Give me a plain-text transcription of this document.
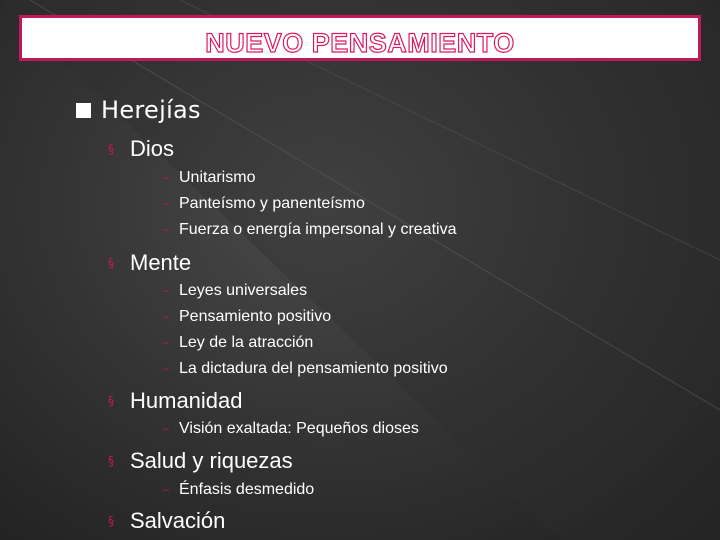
NUEVO PENSAMIENTO
Herejías
§ Dios
– Unitarismo
– Panteísmo y panenteísmo
– Fuerza o energía impersonal y creativa
§ Mente
– Leyes universales
– Pensamiento positivo
– Ley de la atracción
– La dictadura del pensamiento positivo
§ Humanidad
– Visión exaltada: Pequeños dioses
§ Salud y riquezas
– Énfasis desmedido
§ Salvación
